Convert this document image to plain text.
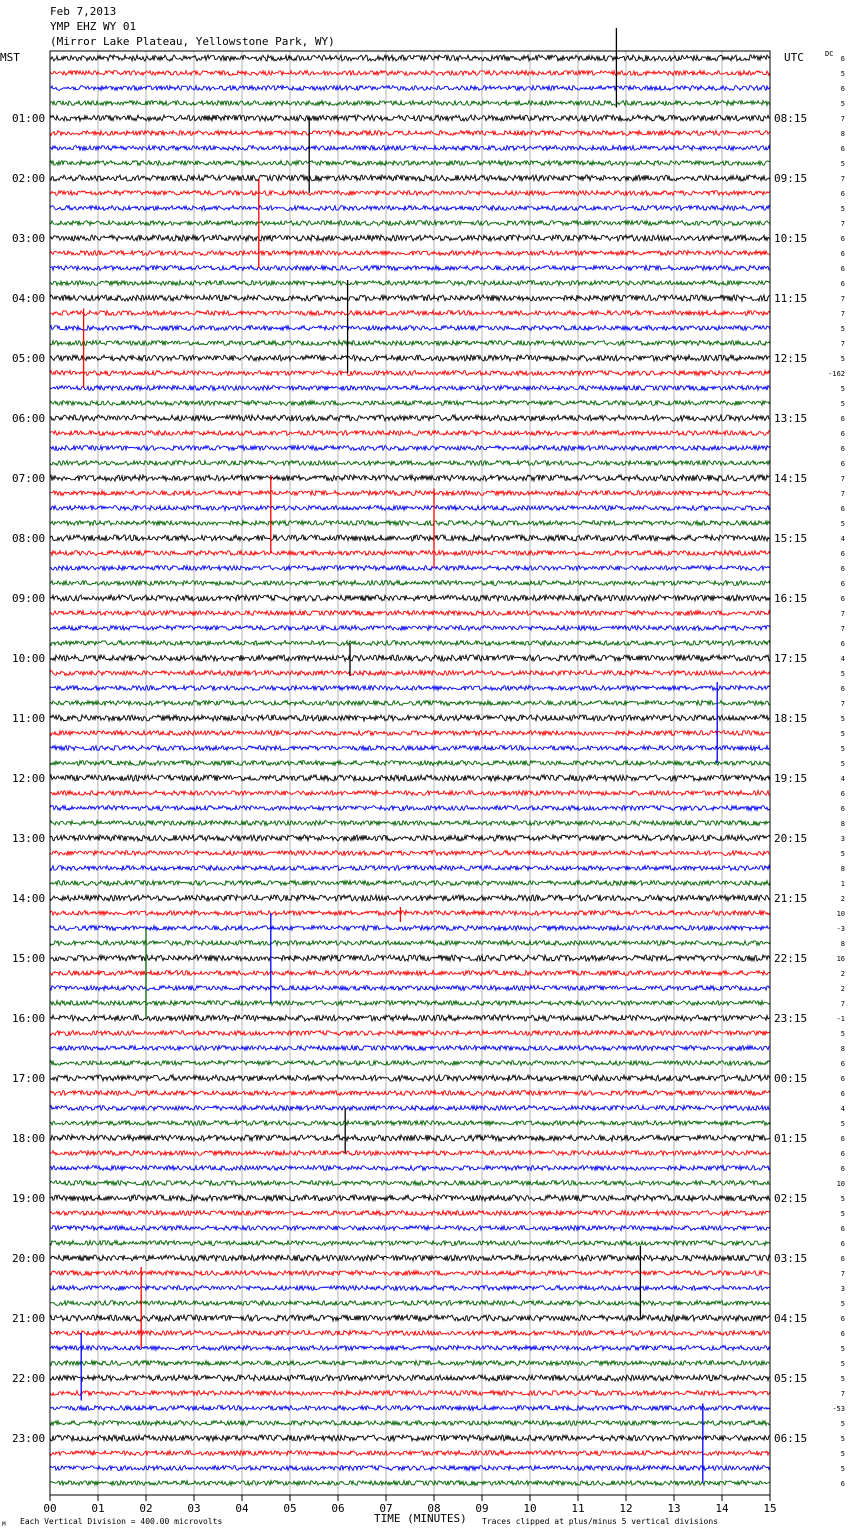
Feb 7,2013
YMP EHZ WY 01
(Mirror Lake Plateau, Yellowstone Park, WY)
00	01	02	03	04	05	06	07	08	09	10	11	12	13	14	15
01:00
02:00
03:00
04:00
05:00
06:00
07:00
08:00
09:00
10:00
11:00
12:00
13:00
14:00
15:00
16:00
17:00
18:00
19:00
20:00
21:00
22:00
23:00
08:15
09:15
10:15
11:15
12:15
13:15
14:15
15:15
16:15
17:15
18:15
19:15
20:15
21:15
22:15
23:15
00:15
01:15
02:15
03:15
04:15
05:15
06:15
6
5
6
5
7
8
6
5
7
6
5
7
6
6
6
6
7
7
5
7
5
-162
5
5
6
6
6
6
7
7
6
5
4
6
6
6
6
7
7
6
4
5
6
7
5
5
5
5
4
6
6
8
3
5
8
1
2
10
-3
8
16
2
2
7
-1
5
8
6
6
6
4
5
6
6
6
10
5
5
6
6
6
7
3
5
6
6
5
5
5
7
-53
5
5
5
5
6
MST	UTC	DC
TIME (MINUTES)
Each Vertical Division = 400.00 microvolts	Traces clipped at plus/minus 5 vertical divisions
M
